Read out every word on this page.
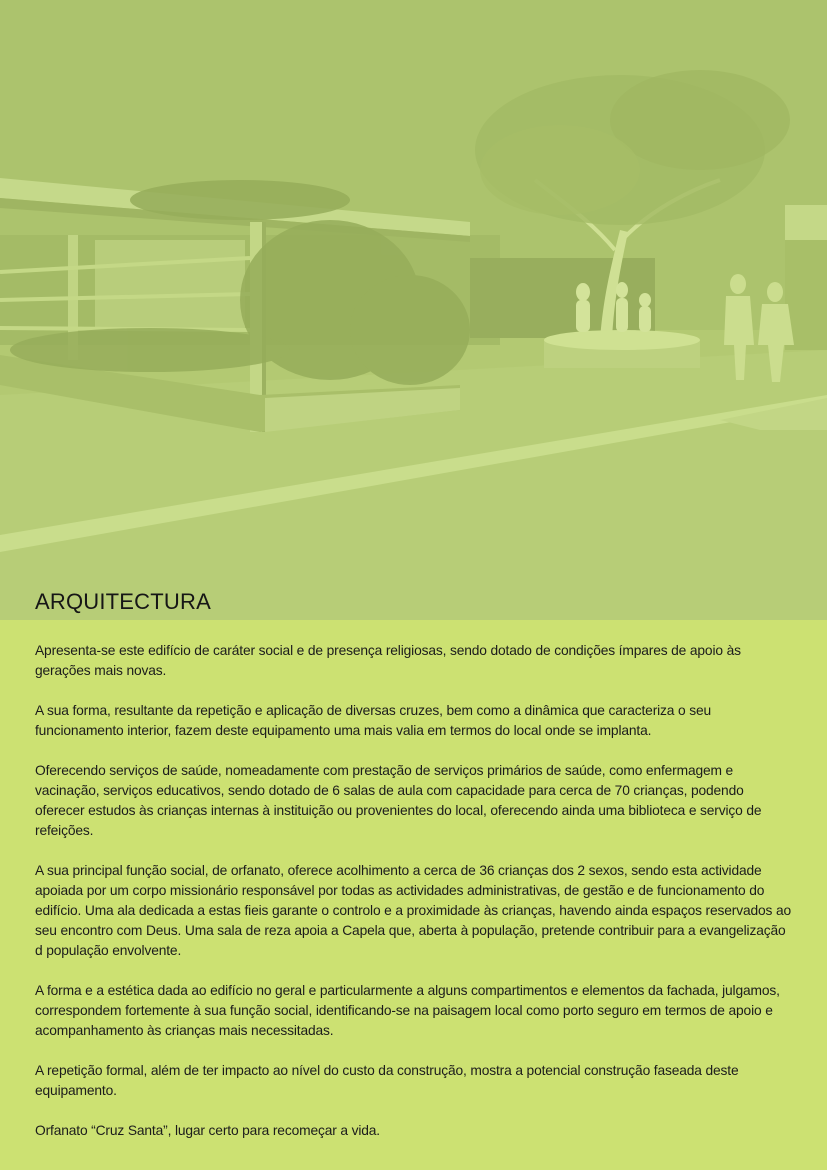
ARQUITECTURA

Apresenta-se este edifício de caráter social e de presença religiosas, sendo dotado de condições ímpares de apoio às gerações mais novas.

A sua forma, resultante da repetição e aplicação de diversas cruzes, bem como a dinâmica que caracteriza o seu funcionamento interior, fazem deste equipamento uma mais valia em termos do local onde se implanta.

Oferecendo serviços de saúde, nomeadamente com prestação de serviços primários de saúde, como enfermagem e vacinação, serviços educativos, sendo dotado de 6 salas de aula com capacidade para cerca de 70 crianças, podendo oferecer estudos às crianças internas à instituição ou provenientes do local, oferecendo ainda uma biblioteca e serviço de refeições.

A sua principal função social, de orfanato, oferece acolhimento a cerca de 36 crianças dos 2 sexos, sendo esta actividade apoiada por um corpo missionário responsável por todas as actividades administrativas, de gestão e de funcionamento do edifício. Uma ala dedicada a estas fieis garante o controlo e a proximidade às crianças, havendo ainda espaços reservados ao seu encontro com Deus. Uma sala de reza apoia a Capela que, aberta à população, pretende contribuir para a evangelização d população envolvente.

A forma e a estética dada ao edifício no geral e particularmente a alguns compartimentos e elementos da fachada, julgamos, correspondem fortemente à sua função social, identificando-se na paisagem local como porto seguro em termos de apoio e acompanhamento às crianças mais necessitadas.

A repetição formal, além de ter impacto ao nível do custo da construção, mostra a potencial construção faseada deste equipamento.

Orfanato “Cruz Santa”, lugar certo para recomeçar a vida.
